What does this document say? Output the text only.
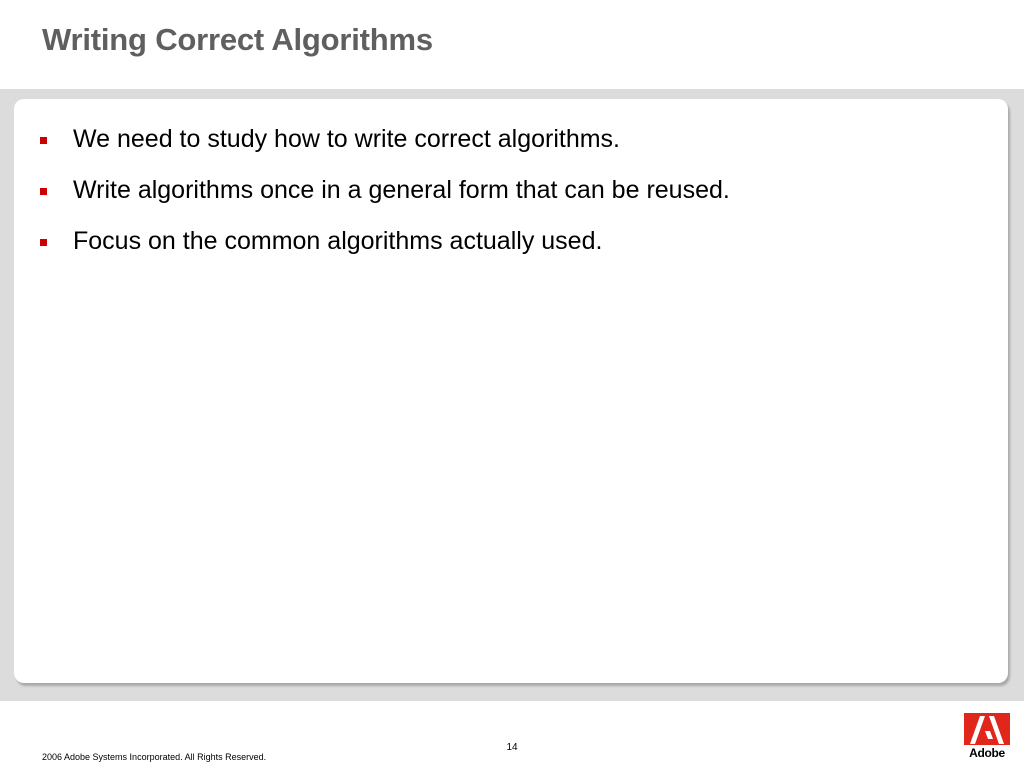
Writing Correct Algorithms
We need to study how to write correct algorithms.
Write algorithms once in a general form that can be reused.
Focus on the common algorithms actually used.
14
2006 Adobe Systems Incorporated. All Rights Reserved.	Adobe
